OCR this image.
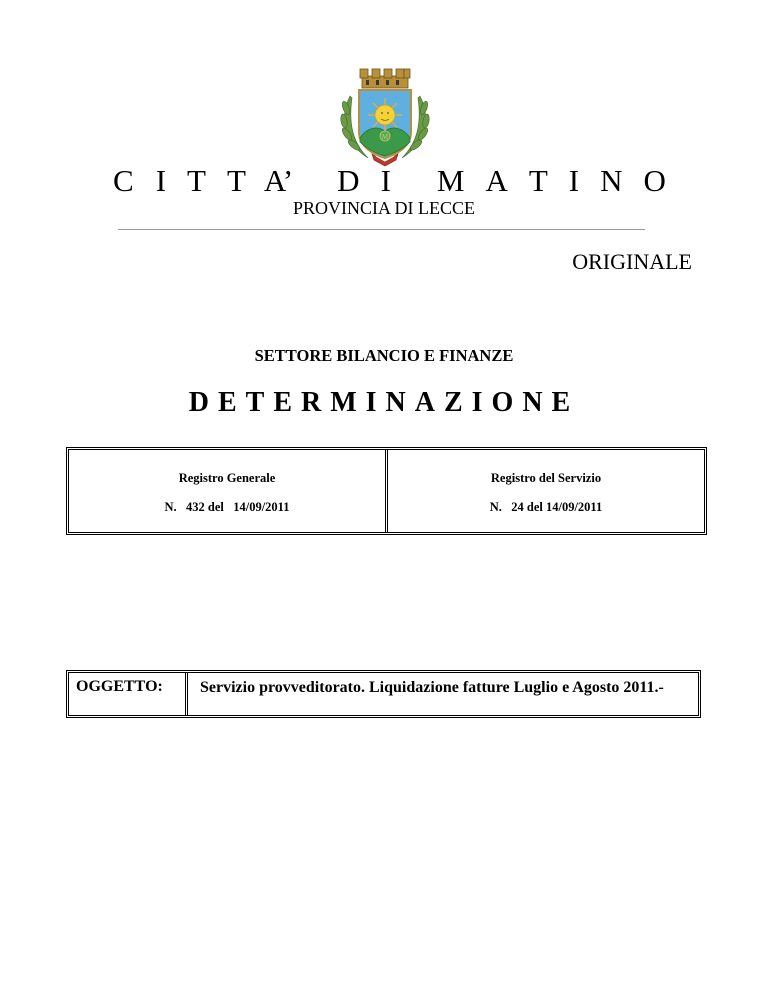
M
C I T T A’ D I M A T I N O
PROVINCIA DI LECCE
ORIGINALE
SETTORE BILANCIO E FINANZE
DETERMINAZIONE
Registro Generale
N.   432 del   14/09/2011
Registro del Servizio
N.   24 del 14/09/2011
OGGETTO:	Servizio provveditorato. Liquidazione fatture Luglio e Agosto 2011.-
